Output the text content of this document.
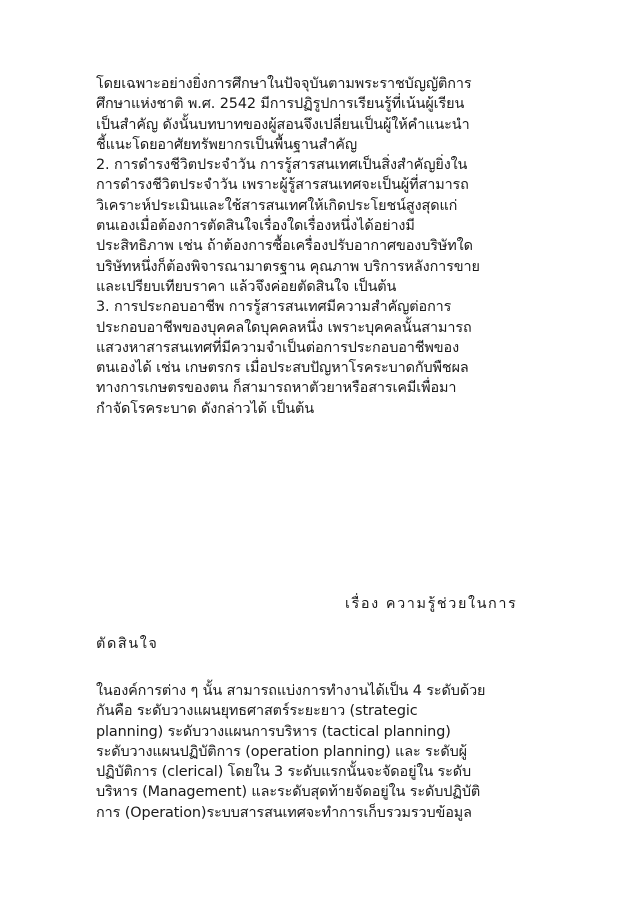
โดยเฉพาะอย่างยิ่งการศึกษาในปัจจุบันตามพระราชบัญญัติการ
ศึกษาแห่งชาติ พ.ศ. 2542 มีการปฏิรูปการเรียนรู้ที่เน้นผู้เรียน
เป็นสำคัญ ดังนั้นบทบาทของผู้สอนจึงเปลี่ยนเป็นผู้ให้คำแนะนำ
ชี้แนะโดยอาศัยทรัพยากรเป็นพื้นฐานสำคัญ
2. การดำรงชีวิตประจำวัน การรู้สารสนเทศเป็นสิ่งสำคัญยิ่งใน
การดำรงชีวิตประจำวัน เพราะผู้รู้สารสนเทศจะเป็นผู้ที่สามารถ
วิเคราะห์ประเมินและใช้สารสนเทศให้เกิดประโยชน์สูงสุดแก่
ตนเองเมื่อต้องการตัดสินใจเรื่องใดเรื่องหนึ่งได้อย่างมี
ประสิทธิภาพ เช่น ถ้าต้องการซื้อเครื่องปรับอากาศของบริษัทใด
บริษัทหนึ่งก็ต้องพิจารณามาตรฐาน คุณภาพ บริการหลังการขาย
และเปรียบเทียบราคา แล้วจึงค่อยตัดสินใจ เป็นต้น
3. การประกอบอาชีพ การรู้สารสนเทศมีความสำคัญต่อการ
ประกอบอาชีพของบุคคลใดบุคคลหนึ่ง เพราะบุคคลนั้นสามารถ
แสวงหาสารสนเทศที่มีความจำเป็นต่อการประกอบอาชีพของ
ตนเองได้ เช่น เกษตรกร เมื่อประสบปัญหาโรคระบาดกับพืชผล
ทางการเกษตรของตน ก็สามารถหาตัวยาหรือสารเคมีเพื่อมา
กำจัดโรคระบาด ดังกล่าวได้ เป็นต้น
เรื่อง ความรู้ช่วยในการ
ตัดสินใจ
ในองค์การต่าง ๆ นั้น สามารถแบ่งการทำงานได้เป็น 4 ระดับด้วย
กันคือ ระดับวางแผนยุทธศาสตร์ระยะยาว (strategic
planning) ระดับวางแผนการบริหาร (tactical planning)
ระดับวางแผนปฏิบัติการ (operation planning) และ ระดับผู้
ปฏิบัติการ (clerical) โดยใน 3 ระดับแรกนั้นจะจัดอยู่ใน ระดับ
บริหาร (Management) และระดับสุดท้ายจัดอยู่ใน ระดับปฏิบัติ
การ (Operation)ระบบสารสนเทศจะทำการเก็บรวมรวบข้อมูล
